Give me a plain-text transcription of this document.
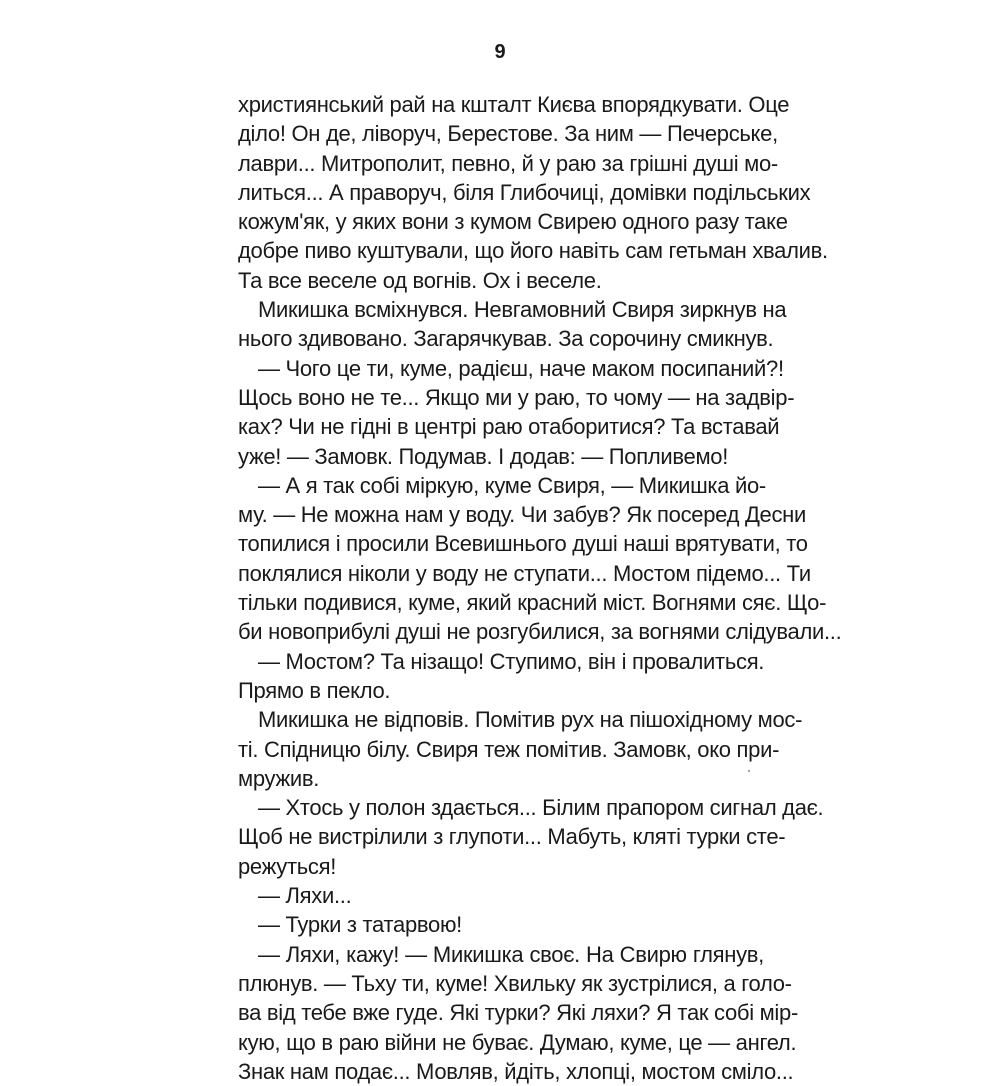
9
християнський рай на кшталт Києва впорядкувати. Оце
діло! Он де, ліворуч, Берестове. За ним — Печерське,
лаври... Митрополит, певно, й у раю за грішні душі мо-
литься... А праворуч, біля Глибочиці, домівки подільських
кожум'як, у яких вони з кумом Свирею одного разу таке
добре пиво куштували, що його навіть сам гетьман хвалив.
Та все веселе од вогнів. Ох і веселе.
Микишка всміхнувся. Невгамовний Свиря зиркнув на
нього здивовано. Загарячкував. За сорочину смикнув.
— Чого це ти, куме, радієш, наче маком посипаний?!
Щось воно не те... Якщо ми у раю, то чому — на задвір-
ках? Чи не гідні в центрі раю отаборитися? Та вставай
уже! — Замовк. Подумав. І додав: — Попливемо!
— А я так собі міркую, куме Свиря, — Микишка йо-
му. — Не можна нам у воду. Чи забув? Як посеред Десни
топилися і просили Всевишнього душі наші врятувати, то
поклялися ніколи у воду не ступати... Мостом підемо... Ти
тільки подивися, куме, який красний міст. Вогнями сяє. Що-
би новоприбулі душі не розгубилися, за вогнями слідували...
— Мостом? Та нізащо! Ступимо, він і провалиться.
Прямо в пекло.
Микишка не відповів. Помітив рух на пішохідному мос-
ті. Спідницю білу. Свиря теж помітив. Замовк, око при-
мружив.
— Хтось у полон здається... Білим прапором сигнал дає.
Щоб не вистрілили з глупоти... Мабуть, кляті турки сте-
режуться!
— Ляхи...
— Турки з татарвою!
— Ляхи, кажу! — Микишка своє. На Свирю глянув,
плюнув. — Тьху ти, куме! Хвильку як зустрілися, а голо-
ва від тебе вже гуде. Які турки? Які ляхи? Я так собі мір-
кую, що в раю війни не буває. Думаю, куме, це — ангел.
Знак нам подає... Мовляв, йдіть, хлопці, мостом сміло...
